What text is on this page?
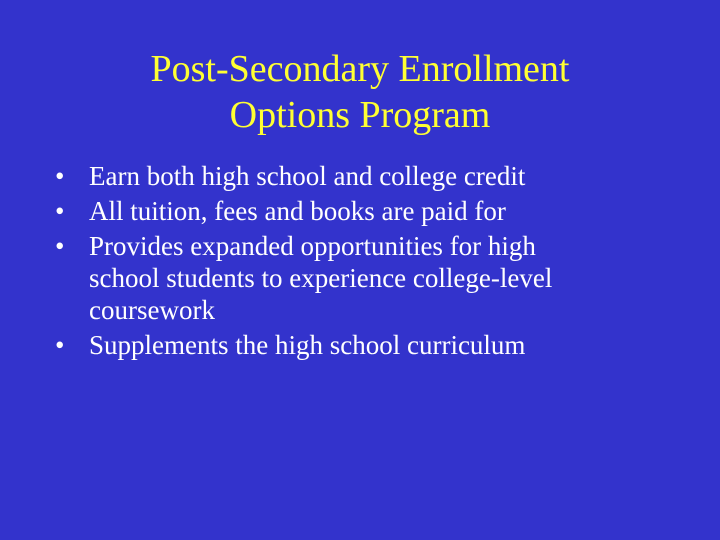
Post-Secondary Enrollment
Options Program
• Earn both high school and college credit
• All tuition, fees and books are paid for
• Provides expanded opportunities for high
school students to experience college-level
coursework
• Supplements the high school curriculum
